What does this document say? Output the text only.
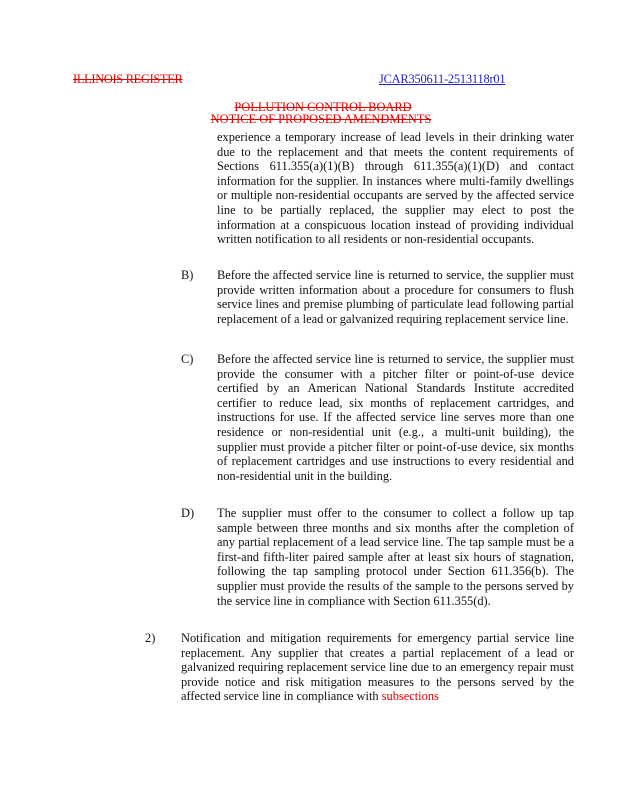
ILLINOIS REGISTER	JCAR350611-2513118r01
POLLUTION CONTROL BOARD
NOTICE OF PROPOSED AMENDMENTS
experience a temporary increase of lead levels in their drinking water due to the replacement and that meets the content requirements of Sections 611.355(a)(1)(B) through 611.355(a)(1)(D) and contact information for the supplier. In instances where multi-family dwellings or multiple non-residential occupants are served by the affected service line to be partially replaced, the supplier may elect to post the information at a conspicuous location instead of providing individual written notification to all residents or non-residential occupants.
B) Before the affected service line is returned to service, the supplier must provide written information about a procedure for consumers to flush service lines and premise plumbing of particulate lead following partial replacement of a lead or galvanized requiring replacement service line.
C) Before the affected service line is returned to service, the supplier must provide the consumer with a pitcher filter or point-of-use device certified by an American National Standards Institute accredited certifier to reduce lead, six months of replacement cartridges, and instructions for use. If the affected service line serves more than one residence or non-residential unit (e.g., a multi-unit building), the supplier must provide a pitcher filter or point-of-use device, six months of replacement cartridges and use instructions to every residential and non-residential unit in the building.
D) The supplier must offer to the consumer to collect a follow up tap sample between three months and six months after the completion of any partial replacement of a lead service line. The tap sample must be a first-and fifth-liter paired sample after at least six hours of stagnation, following the tap sampling protocol under Section 611.356(b). The supplier must provide the results of the sample to the persons served by the service line in compliance with Section 611.355(d).
2) Notification and mitigation requirements for emergency partial service line replacement. Any supplier that creates a partial replacement of a lead or galvanized requiring replacement service line due to an emergency repair must provide notice and risk mitigation measures to the persons served by the affected service line in compliance with subsections
